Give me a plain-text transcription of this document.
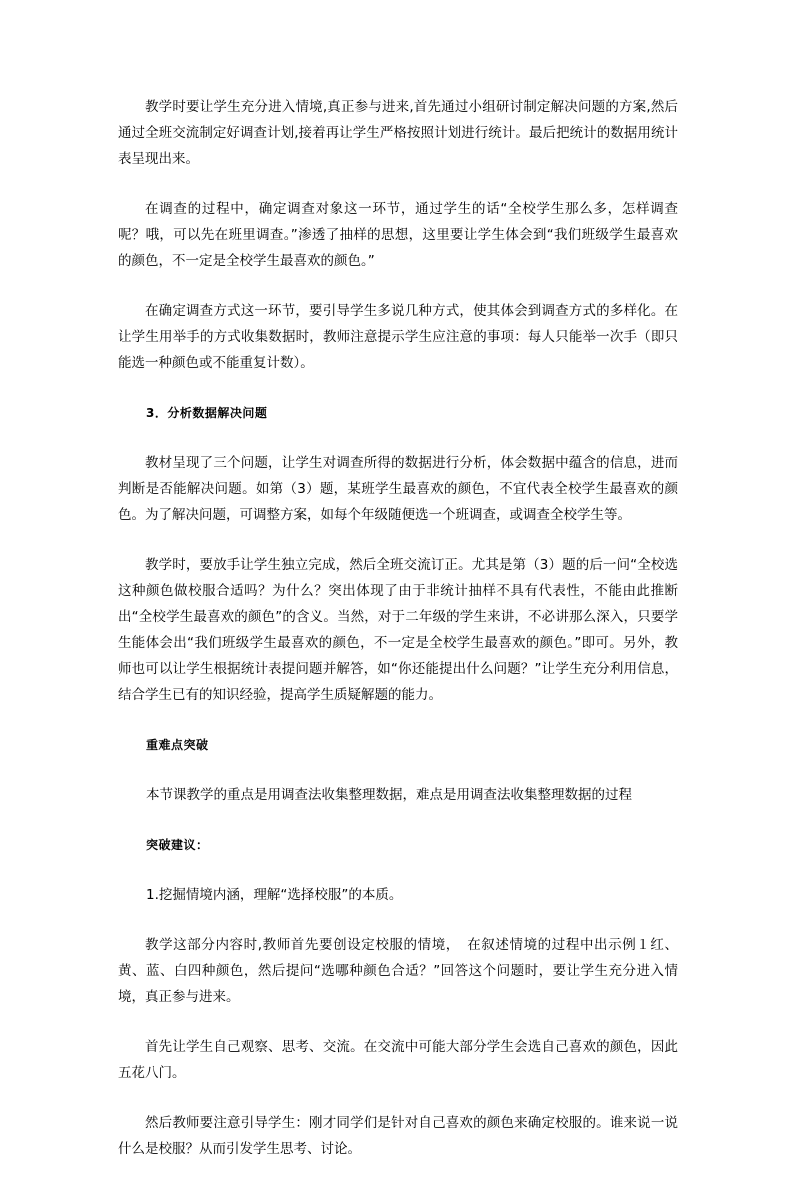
教学时要让学生充分进入情境,真正参与进来,首先通过小组研讨制定解决问题的方案,然后通过全班交流制定好调查计划,接着再让学生严格按照计划进行统计。最后把统计的数据用统计表呈现出来。

在调查的过程中，确定调查对象这一环节，通过学生的话“全校学生那么多，怎样调查呢？哦，可以先在班里调查。”渗透了抽样的思想，这里要让学生体会到“我们班级学生最喜欢的颜色，不一定是全校学生最喜欢的颜色。”

在确定调查方式这一环节，要引导学生多说几种方式，使其体会到调查方式的多样化。在让学生用举手的方式收集数据时，教师注意提示学生应注意的事项：每人只能举一次手（即只能选一种颜色或不能重复计数）。

3．分析数据解决问题

教材呈现了三个问题，让学生对调查所得的数据进行分析，体会数据中蕴含的信息，进而判断是否能解决问题。如第（3）题，某班学生最喜欢的颜色，不宜代表全校学生最喜欢的颜色。为了解决问题，可调整方案，如每个年级随便选一个班调查，或调查全校学生等。

教学时，要放手让学生独立完成，然后全班交流订正。尤其是第（3）题的后一问“全校选这种颜色做校服合适吗？为什么？突出体现了由于非统计抽样不具有代表性，不能由此推断出“全校学生最喜欢的颜色”的含义。当然，对于二年级的学生来讲，不必讲那么深入，只要学生能体会出“我们班级学生最喜欢的颜色，不一定是全校学生最喜欢的颜色。”即可。另外，教师也可以让学生根据统计表提问题并解答，如“你还能提出什么问题？”让学生充分利用信息，结合学生已有的知识经验，提高学生质疑解题的能力。

重难点突破

本节课教学的重点是用调查法收集整理数据，难点是用调查法收集整理数据的过程

突破建议：

1.挖掘情境内涵，理解“选择校服”的本质。

教学这部分内容时,教师首先要创设定校服的情境，　在叙述情境的过程中出示例１红、黄、蓝、白四种颜色，然后提问“选哪种颜色合适？”回答这个问题时，要让学生充分进入情境，真正参与进来。

首先让学生自己观察、思考、交流。在交流中可能大部分学生会选自己喜欢的颜色，因此五花八门。

然后教师要注意引导学生：刚才同学们是针对自己喜欢的颜色来确定校服的。谁来说一说什么是校服？从而引发学生思考、讨论。
